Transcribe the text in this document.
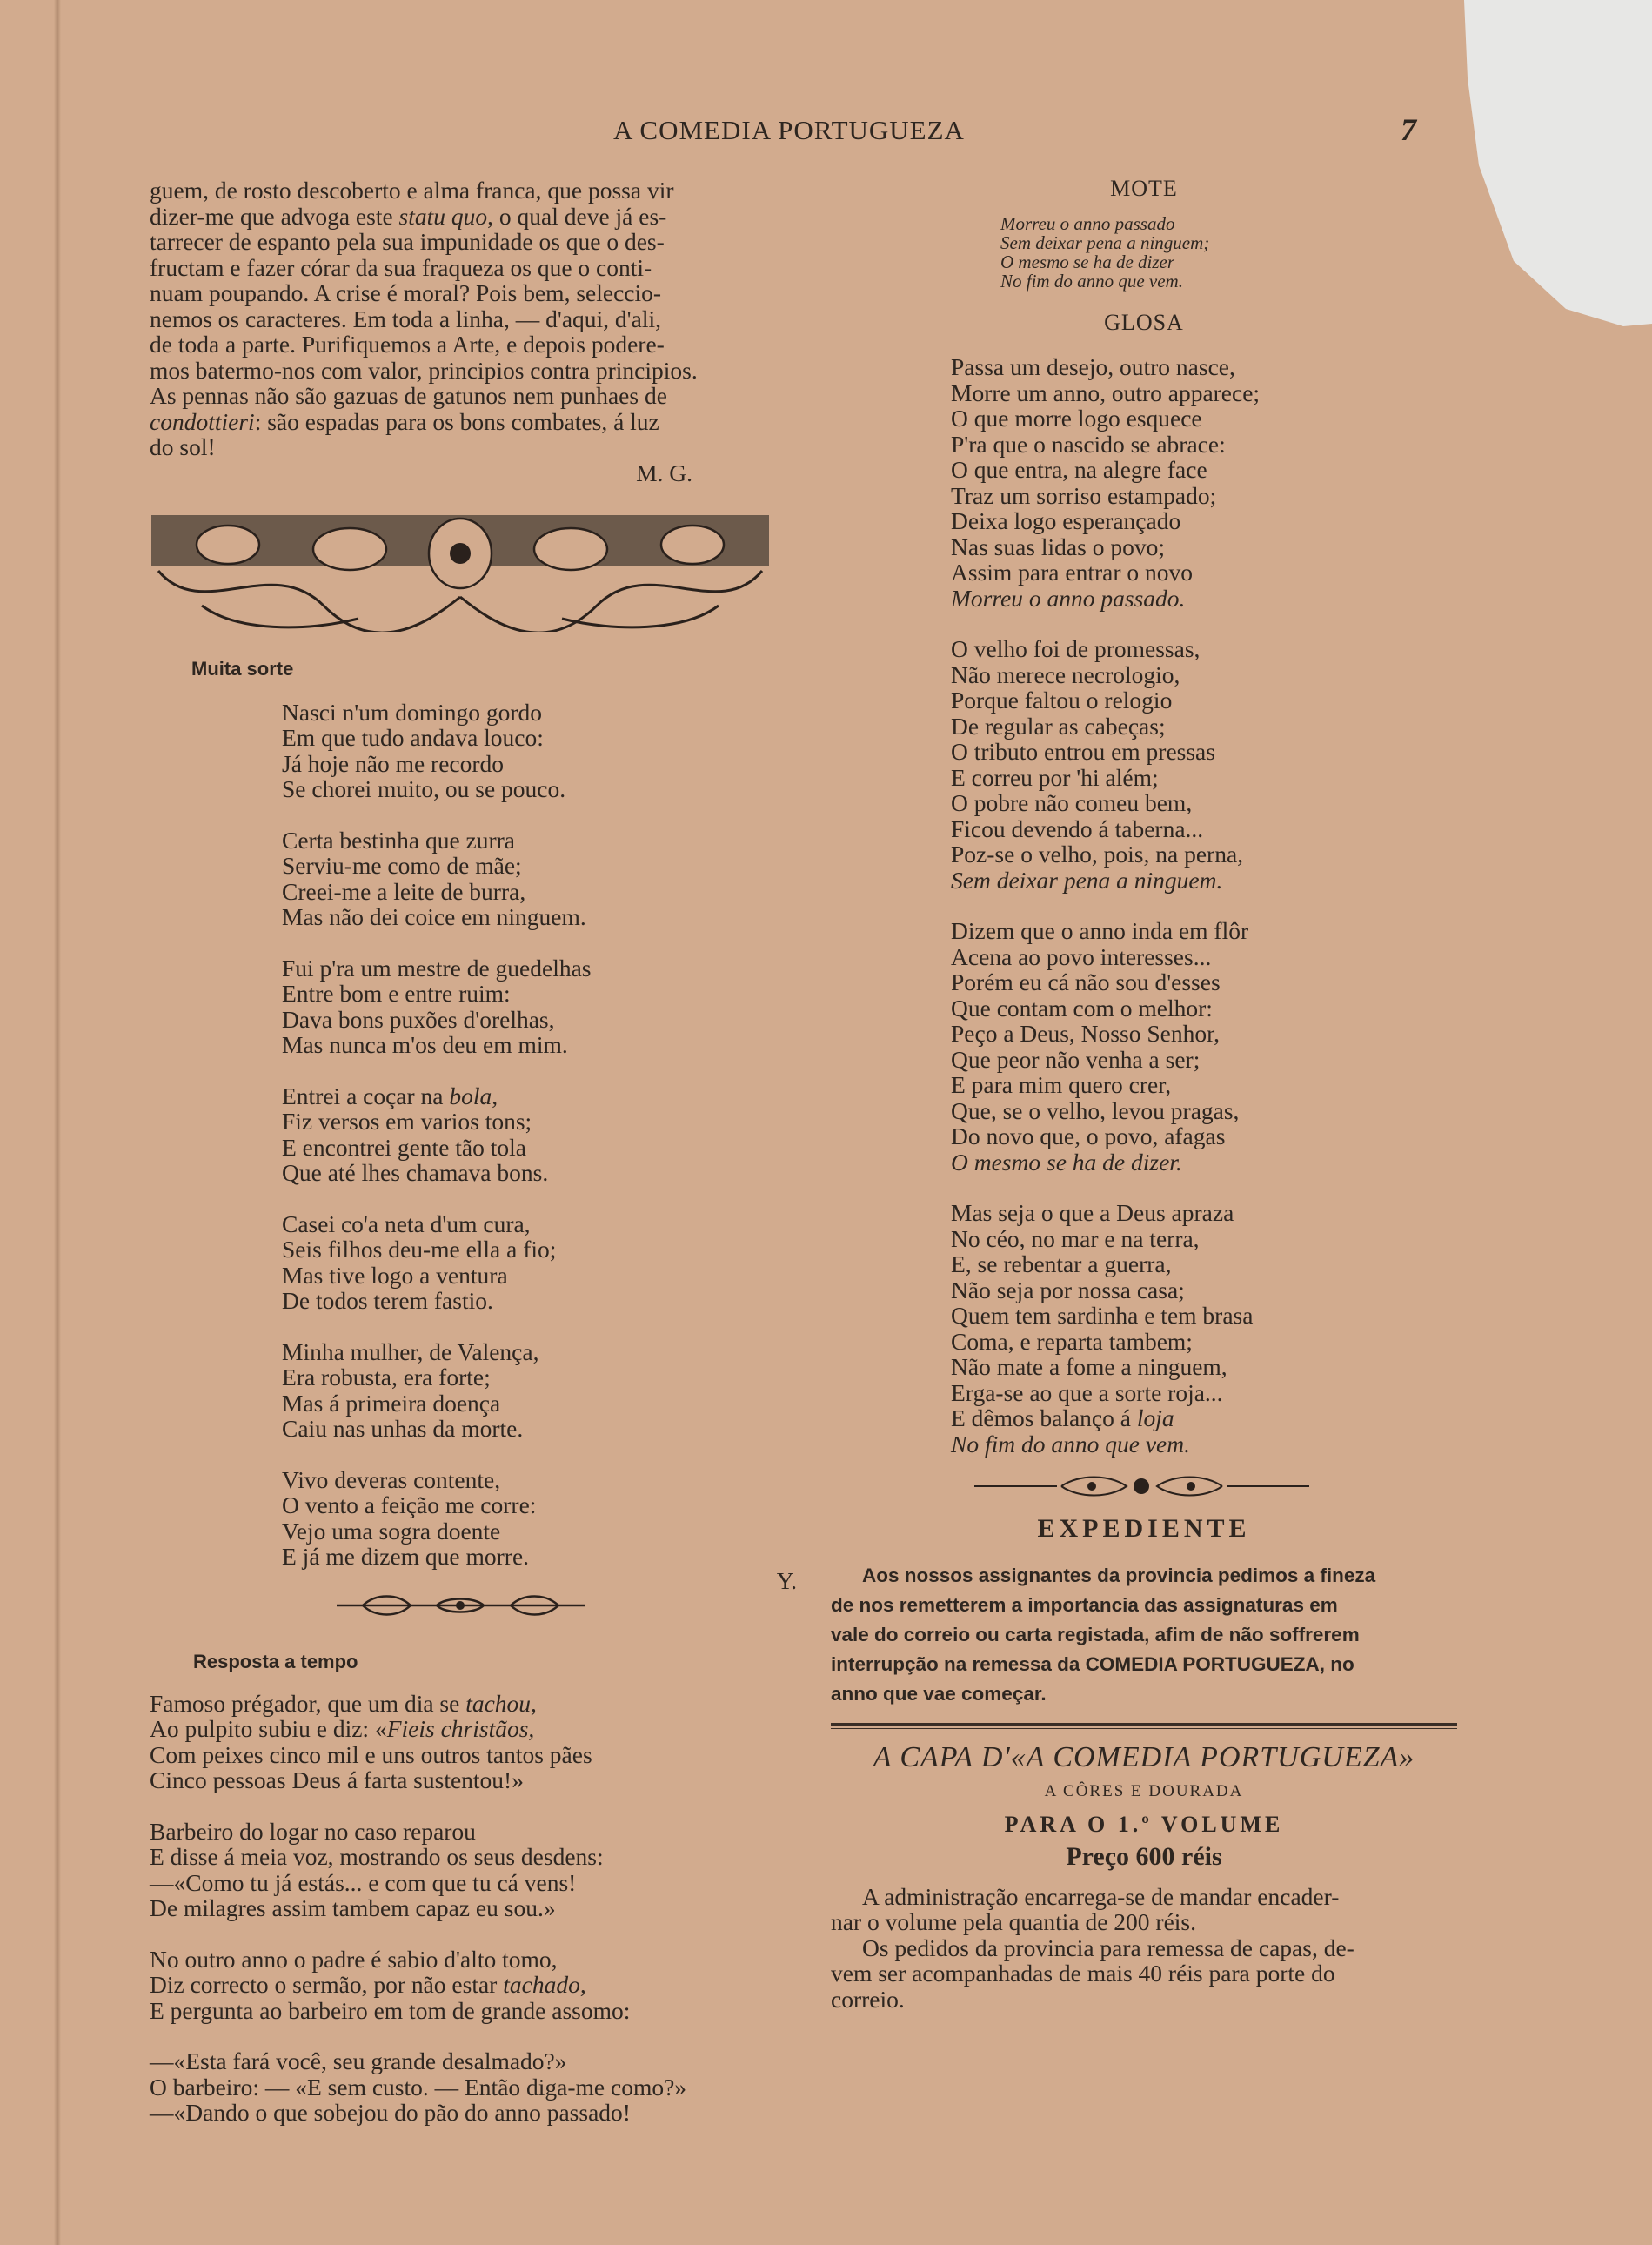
A COMEDIA PORTUGUEZA	7

guem, de rosto descoberto e alma franca, que possa vir

dizer-me que advoga este statu quo, o qual deve já es-

tarrecer de espanto pela sua impunidade os que o des-

fructam e fazer córar da sua fraqueza os que o conti-

nuam poupando. A crise é moral? Pois bem, seleccio-

nemos os caracteres. Em toda a linha, — d'aqui, d'ali,

de toda a parte. Purifiquemos a Arte, e depois podere-

mos batermo-nos com valor, principios contra principios.

As pennas não são gazuas de gatunos nem punhaes de

condottieri: são espadas para os bons combates, á luz

do sol!

M. G.
Muita sorte
Nasci n'um domingo gordo
Em que tudo andava louco:
Já hoje não me recordo
Se chorei muito, ou se pouco.
Certa bestinha que zurra
Serviu-me como de mãe;
Creei-me a leite de burra,
Mas não dei coice em ninguem.
Fui p'ra um mestre de guedelhas
Entre bom e entre ruim:
Dava bons puxões d'orelhas,
Mas nunca m'os deu em mim.
Entrei a coçar na bola,
Fiz versos em varios tons;
E encontrei gente tão tola
Que até lhes chamava bons.
Casei co'a neta d'um cura,
Seis filhos deu-me ella a fio;
Mas tive logo a ventura
De todos terem fastio.
Minha mulher, de Valença,
Era robusta, era forte;
Mas á primeira doença
Caiu nas unhas da morte.
Vivo deveras contente,
O vento a feição me corre:
Vejo uma sogra doente
E já me dizem que morre.
Y.
Resposta a tempo
Famoso prégador, que um dia se tachou,
Ao pulpito subiu e diz: «Fieis christãos,
Com peixes cinco mil e uns outros tantos pães
Cinco pessoas Deus á farta sustentou!»
Barbeiro do logar no caso reparou
E disse á meia voz, mostrando os seus desdens:
—«Como tu já estás... e com que tu cá vens!
De milagres assim tambem capaz eu sou.»
No outro anno o padre é sabio d'alto tomo,
Diz correcto o sermão, por não estar tachado,
E pergunta ao barbeiro em tom de grande assomo:
—«Esta fará você, seu grande desalmado?»
O barbeiro: — «E sem custo. — Então diga-me como?»
—«Dando o que sobejou do pão do anno passado!
MOTE
Morreu o anno passado
Sem deixar pena a ninguem;
O mesmo se ha de dizer
No fim do anno que vem.
GLOSA
Passa um desejo, outro nasce,
Morre um anno, outro apparece;
O que morre logo esquece
P'ra que o nascido se abrace:
O que entra, na alegre face
Traz um sorriso estampado;
Deixa logo esperançado
Nas suas lidas o povo;
Assim para entrar o novo
Morreu o anno passado.
O velho foi de promessas,
Não merece necrologio,
Porque faltou o relogio
De regular as cabeças;
O tributo entrou em pressas
E correu por 'hi além;
O pobre não comeu bem,
Ficou devendo á taberna...
Poz-se o velho, pois, na perna,
Sem deixar pena a ninguem.
Dizem que o anno inda em flôr
Acena ao povo interesses...
Porém eu cá não sou d'esses
Que contam com o melhor:
Peço a Deus, Nosso Senhor,
Que peor não venha a ser;
E para mim quero crer,
Que, se o velho, levou pragas,
Do novo que, o povo, afagas
O mesmo se ha de dizer.
Mas seja o que a Deus apraza
No céo, no mar e na terra,
E, se rebentar a guerra,
Não seja por nossa casa;
Quem tem sardinha e tem brasa
Coma, e reparta tambem;
Não mate a fome a ninguem,
Erga-se ao que a sorte roja...
E dêmos balanço á loja
No fim do anno que vem.
EXPEDIENTE

Aos nossos assignantes da provincia pedimos a fineza

de nos remetterem a importancia das assignaturas em

vale do correio ou carta registada, afim de não soffrerem

interrupção na remessa da COMEDIA PORTUGUEZA, no

anno que vae começar.

A CAPA D'«A COMEDIA PORTUGUEZA»
A CÔRES E DOURADA
PARA O 1.º VOLUME
Preço 600 réis

A administração encarrega-se de mandar encader-

nar o volume pela quantia de 200 réis.

Os pedidos da provincia para remessa de capas, de-

vem ser acompanhadas de mais 40 réis para porte do

correio.
